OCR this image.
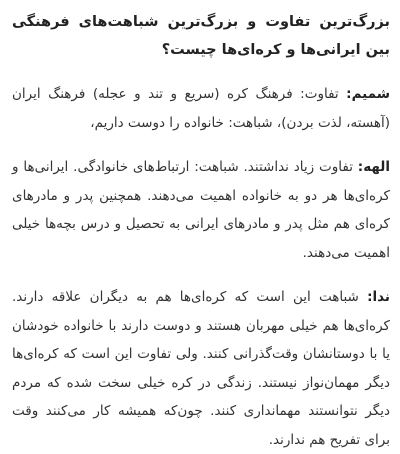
بزرگ‌ترین تفاوت و بزرگ‌ترین شباهت‌های فرهنگی بین ایرانی‌ها و کره‌ای‌ها چیست؟

شمیم: تفاوت: فرهنگ کره (سریع و تند و عجله) فرهنگ ایران (آهسته، لذت بردن)، شباهت: خانواده را دوست داریم،

الهه: تفاوت زیاد نداشتند. شباهت: ارتباط‌های خانوادگی. ایرانی‌ها و کره‌ای‌ها هر دو به خانواده اهمیت می‌دهند. همچنین پدر و مادرهای کره‌ای هم مثل پدر و مادرهای ایرانی به تحصیل و درس بچه‌ها خیلی اهمیت می‌دهند.

ندا: شباهت این است که کره‌ای‌ها هم به دیگران علاقه دارند. کره‌ای‌ها هم خیلی مهربان هستند و دوست دارند با خانواده خودشان یا با دوستانشان وقت‌گذرانی کنند. ولی تفاوت این است که کره‌ای‌ها دیگر مهمان‌نواز نیستند. زندگی در کره خیلی سخت شده که مردم دیگر نتوانستند مهمانداری کنند. چون‌که همیشه کار می‌کنند وقت برای تفریح هم ندارند.
